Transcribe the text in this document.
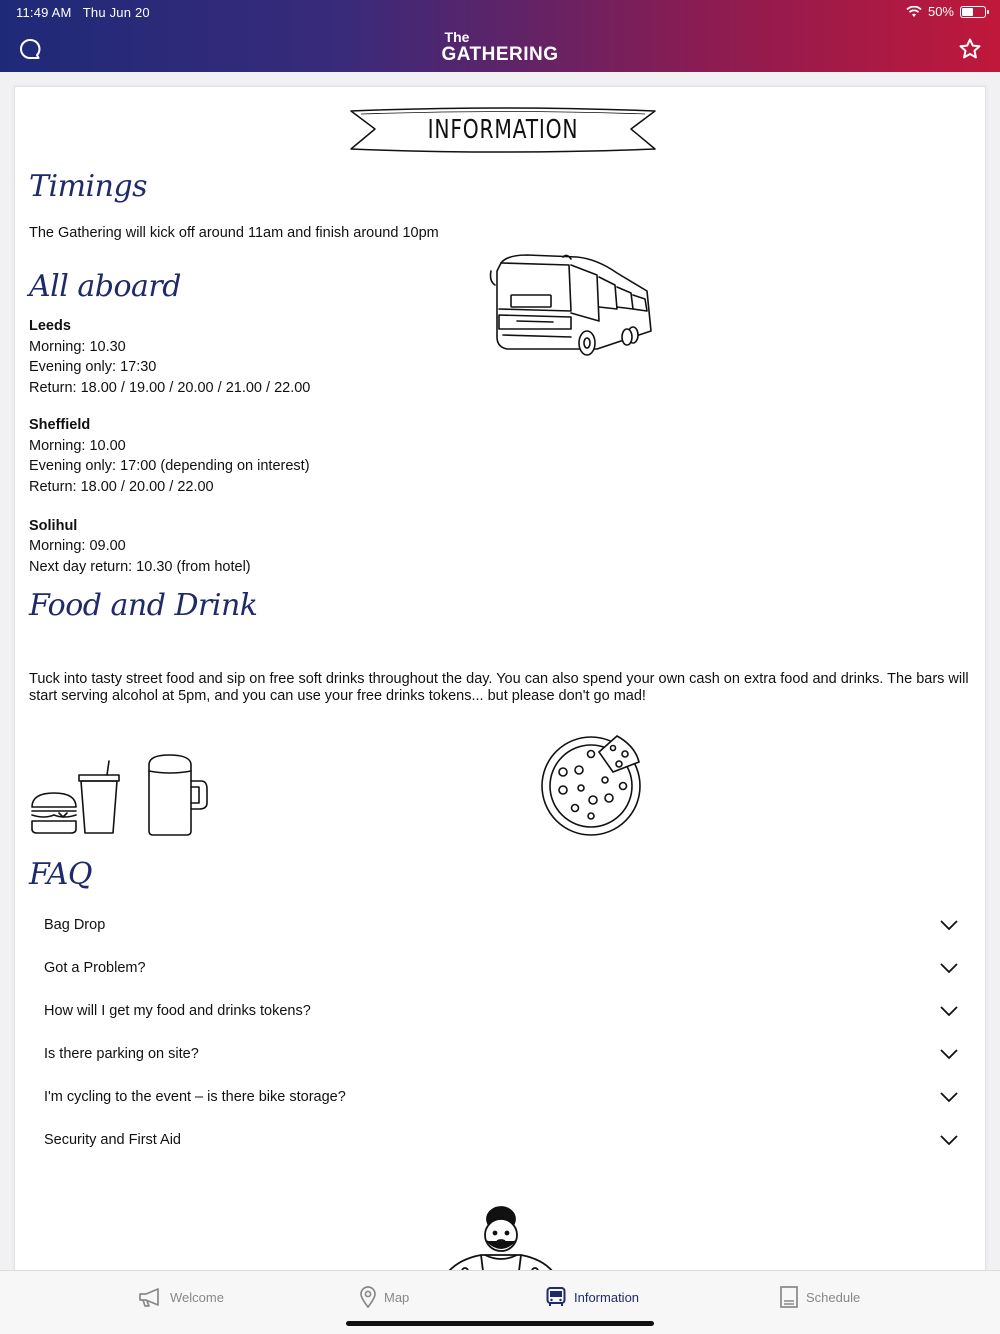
11:49 AM Thu Jun 20	50%
The
GATHERING
INFORMATION
Timings
The Gathering will kick off around 11am and finish around 10pm
All aboard
Leeds
Morning: 10.30
Evening only: 17:30
Return: 18.00 / 19.00 / 20.00 / 21.00 / 22.00
Sheffield
Morning: 10.00
Evening only: 17:00 (depending on interest)
Return: 18.00 / 20.00 / 22.00
Solihul
Morning: 09.00
Next day return: 10.30 (from hotel)
Food and Drink
Tuck into tasty street food and sip on free soft drinks throughout the day. You can also spend your own cash on extra food and drinks. The bars will start serving alcohol at 5pm, and you can use your free drinks tokens... but please don't go mad!
FAQ
Bag Drop
Got a Problem?
How will I get my food and drinks tokens?
Is there parking on site?
I'm cycling to the event – is there bike storage?
Security and First Aid
Welcome	Map	Information	Schedule
